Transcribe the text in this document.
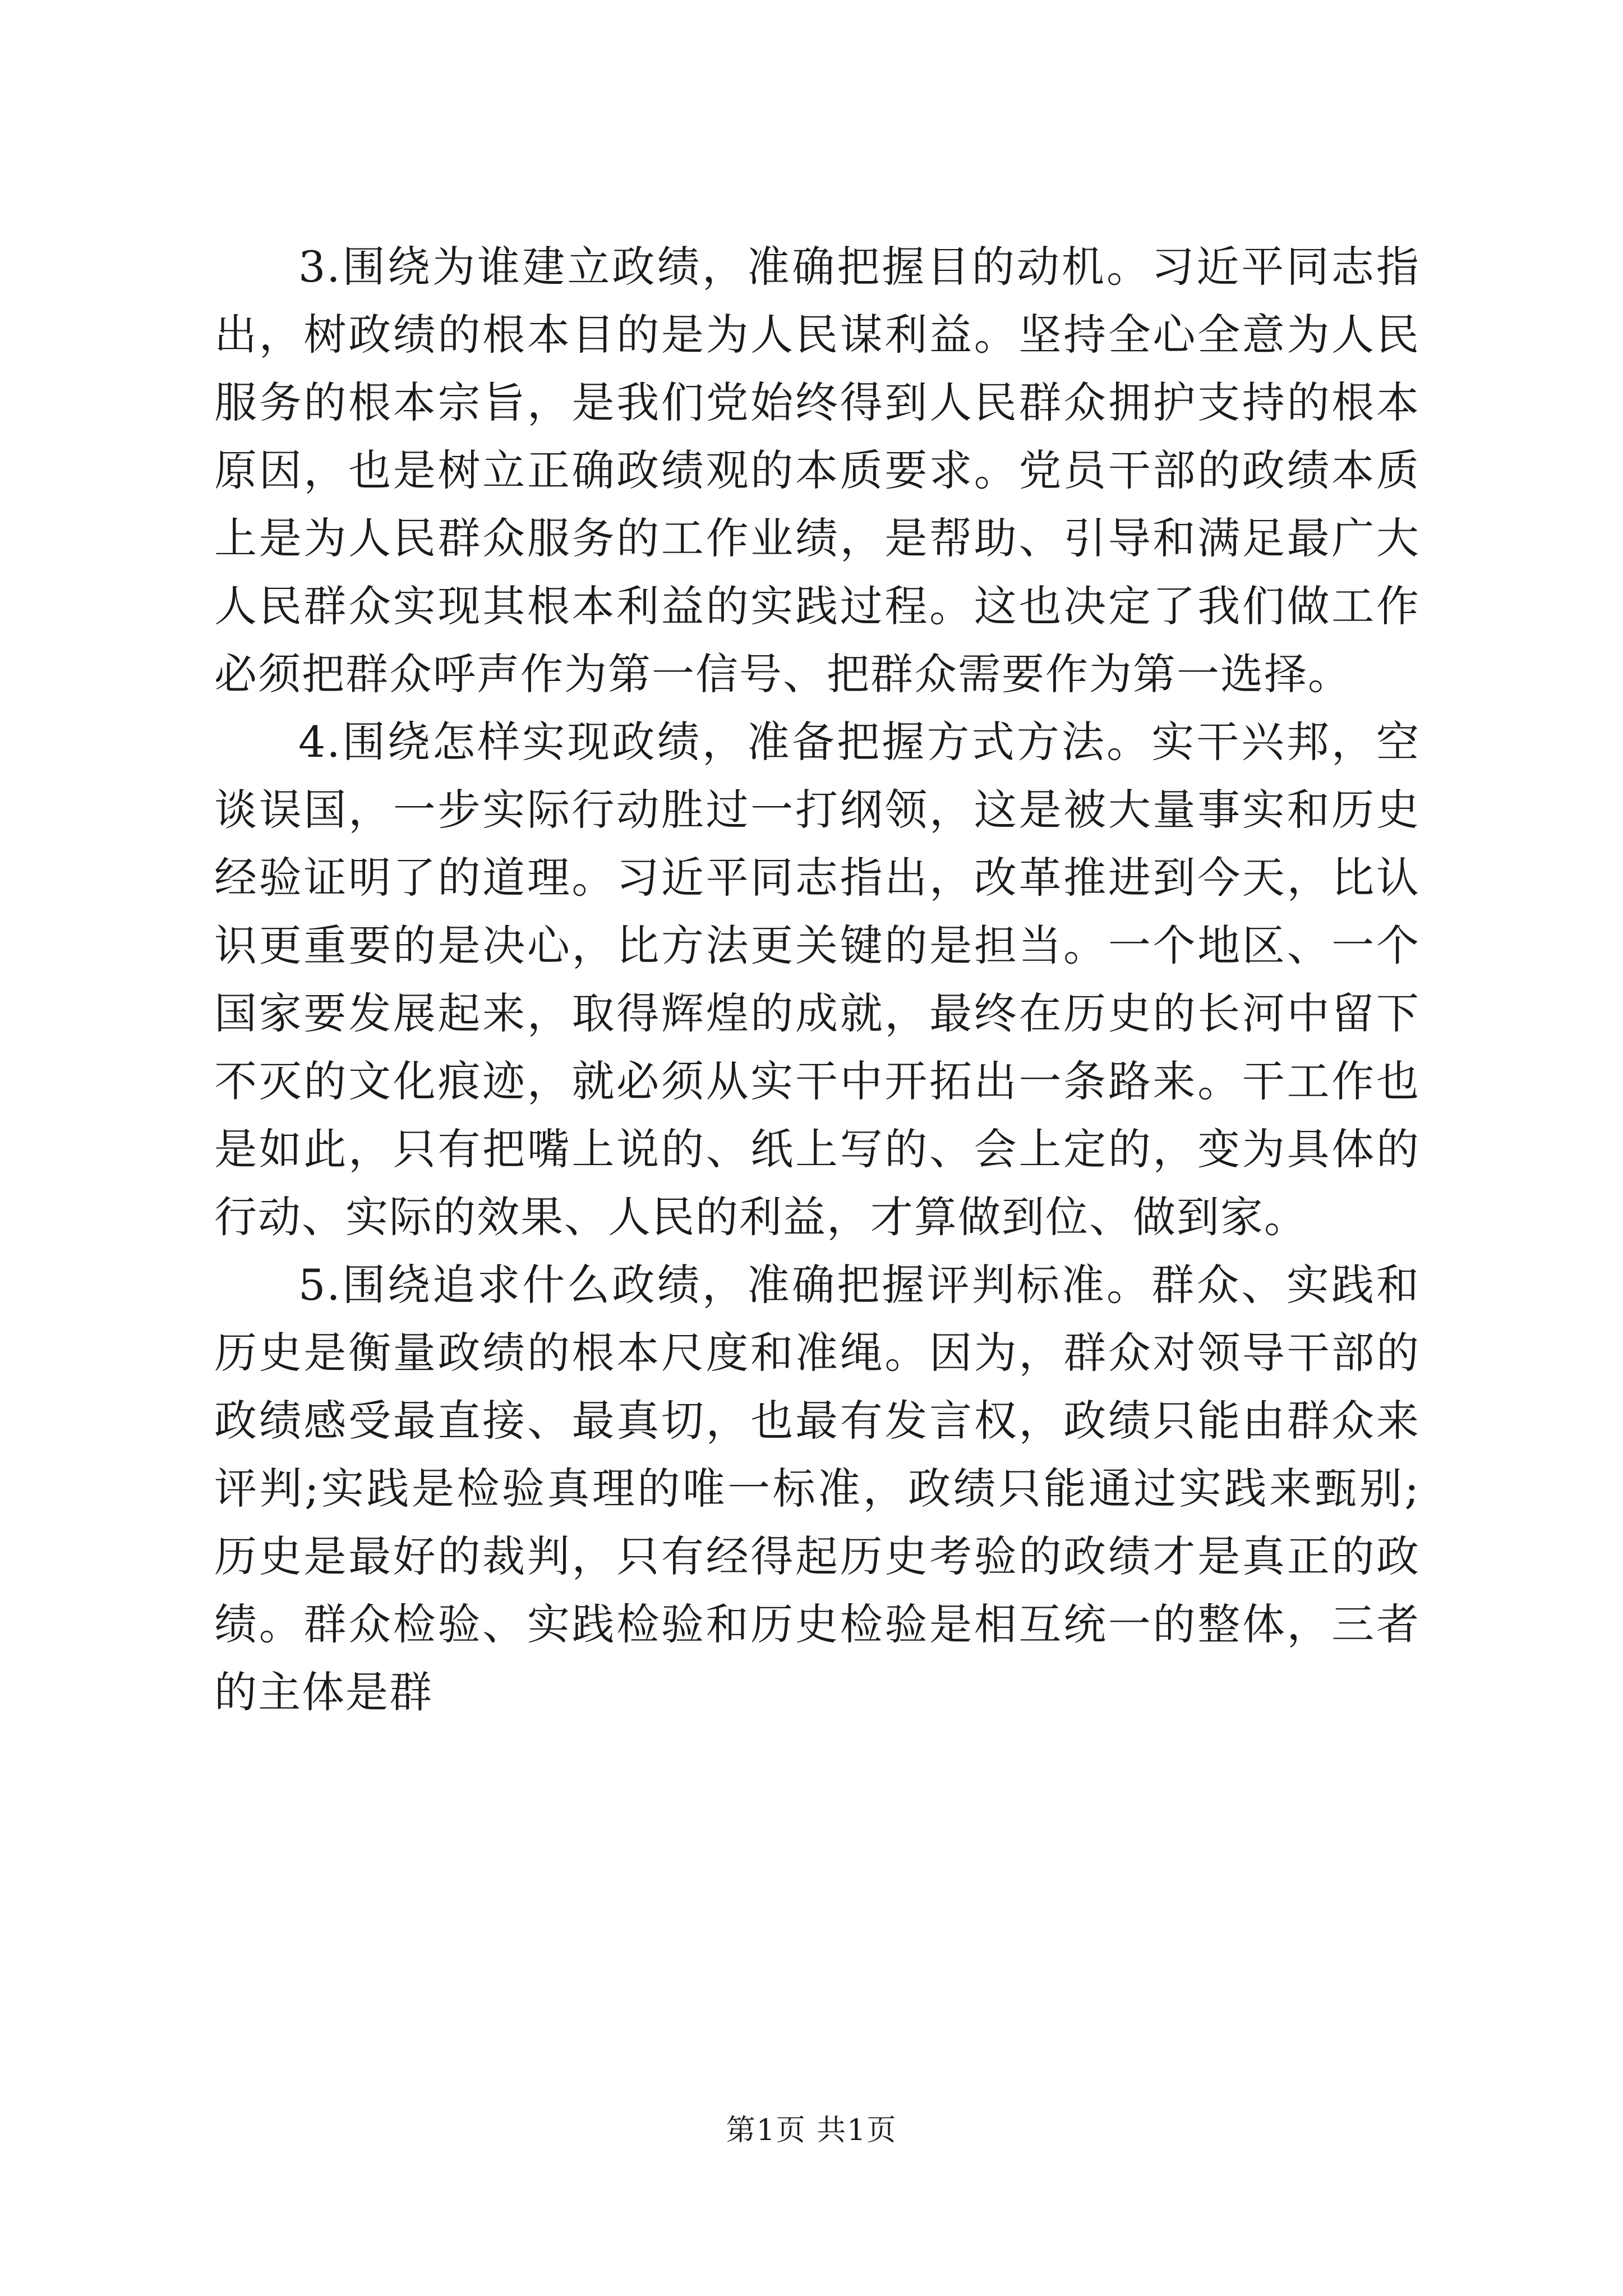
3.围绕为谁建立政绩，准确把握目的动机。习近平同志指出，树政绩的根本目的是为人民谋利益。坚持全心全意为人民服务的根本宗旨，是我们党始终得到人民群众拥护支持的根本原因，也是树立正确政绩观的本质要求。党员干部的政绩本质上是为人民群众服务的工作业绩，是帮助、引导和满足最广大人民群众实现其根本利益的实践过程。这也决定了我们做工作必须把群众呼声作为第一信号、把群众需要作为第一选择。

4.围绕怎样实现政绩，准备把握方式方法。实干兴邦，空谈误国，一步实际行动胜过一打纲领，这是被大量事实和历史经验证明了的道理。习近平同志指出，改革推进到今天，比认识更重要的是决心，比方法更关键的是担当。一个地区、一个国家要发展起来，取得辉煌的成就，最终在历史的长河中留下不灭的文化痕迹，就必须从实干中开拓出一条路来。干工作也是如此，只有把嘴上说的、纸上写的、会上定的，变为具体的行动、实际的效果、人民的利益，才算做到位、做到家。

5.围绕追求什么政绩，准确把握评判标准。群众、实践和历史是衡量政绩的根本尺度和准绳。因为，群众对领导干部的政绩感受最直接、最真切，也最有发言权，政绩只能由群众来评判;实践是检验真理的唯一标准，政绩只能通过实践来甄别;历史是最好的裁判，只有经得起历史考验的政绩才是真正的政绩。群众检验、实践检验和历史检验是相互统一的整体，三者的主体是群

第1页 共1页
